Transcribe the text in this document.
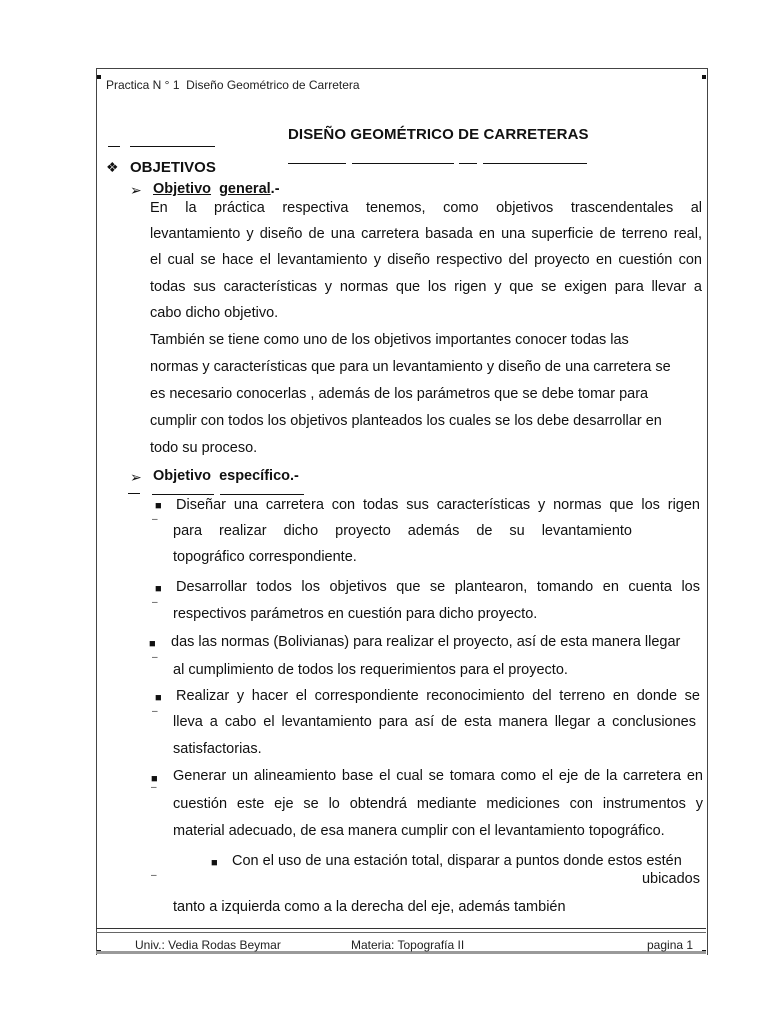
Practica N ° 1  Diseño Geométrico de Carretera
DISEÑO GEOMÉTRICO DE CARRETERAS
❖ OBJETIVOS
➢ Objetivo general.-
En la práctica respectiva tenemos, como objetivos trascendentales al
levantamiento y diseño de una carretera basada en una superficie de terreno real,
el cual se hace el levantamiento y diseño respectivo del proyecto en cuestión con
todas sus características y normas que los rigen y que se exigen para llevar a
cabo dicho objetivo.
También se tiene como uno de los objetivos importantes conocer todas las
normas y características que para un levantamiento y diseño de una carretera se
es necesario conocerlas , además de los parámetros que se debe tomar para
cumplir con todos los objetivos planteados los cuales se los debe desarrollar en
todo su proceso.
➢ Objetivo  específico.-
■
–
Diseñar una carretera con todas sus características y normas que los rigen
para realizar dicho proyecto además de su levantamiento
topográfico correspondiente.
■
–
Desarrollar todos los objetivos que se plantearon, tomando en cuenta los
respectivos parámetros en cuestión para dicho proyecto.
■
–
das las normas (Bolivianas) para realizar el proyecto, así de esta manera llegar
al cumplimiento de todos los requerimientos para el proyecto.
■
–
Realizar y hacer el correspondiente reconocimiento del terreno en donde se
lleva a cabo el levantamiento para así de esta manera llegar a conclusiones
satisfactorias.
■
–
Generar un alineamiento base el cual se tomara como el eje de la carretera en
cuestión este eje se lo obtendrá mediante mediciones con instrumentos y
material adecuado, de esa manera cumplir con el levantamiento topográfico.
■
–
Con el uso de una estación total, disparar a puntos donde estos estén
ubicados
tanto a izquierda como a la derecha del eje, además también
Univ.: Vedia Rodas Beymar	Materia: Topografía II	pagina 1
